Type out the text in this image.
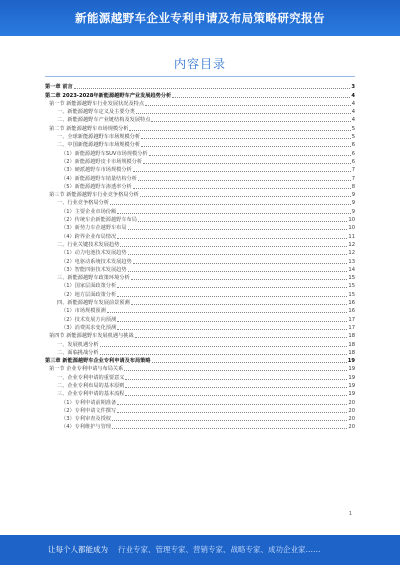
新能源越野车企业专利申请及布局策略研究报告
内容目录
第一章 前言	3
第二章 2023-2028年新能源越野车产业发展趋势分析	4
第一节 新能源越野车行业发展状况及特点	4
一、新能源越野车定义及主要分类	4
二、新能源越野车产业链结构及发展特点	4
第二节 新能源越野车市场规模分析	5
一、全球新能源越野车市场规模分析	5
二、中国新能源越野车市场规模分析	6
（1）新能源越野车SUV市场规模分析	6
（2）新能源越野皮卡市场规模分析	6
（3）硬派越野车市场规模分析	7
（4）新能源越野车销量结构分析	7
（5）新能源越野车渗透率分析	8
第三节 新能源越野车行业竞争格局分析	9
一、行业竞争格局分析	9
（1）主要企业市场份额	9
（2）传统车企新能源越野车布局	10
（3）新势力车企越野车布局	10
（4）跨界企业布局情况	11
二、行业关键技术发展趋势	12
（1）动力电池技术发展趋势	12
（2）电驱动系统技术发展趋势	13
（3）智能四驱技术发展趋势	14
三、新能源越野车政策环境分析	15
（1）国家层面政策分析	15
（2）地方层面政策分析	15
四、新能源越野车发展前景预测	16
（1）市场规模预测	16
（2）技术发展方向预测	17
（3）消费需求变化预测	17
第四节 新能源越野车发展机遇与挑战	18
一、发展机遇分析	18
二、面临挑战分析	18
第三章 新能源越野车企业专利申请及布局策略	19
第一节 企业专利申请与布局关系	19
一、企业专利申请的重要意义	19
二、企业专利布局的基本原则	19
三、企业专利申请的基本流程	19
（1）专利申请前期准备	20
（2）专利申请文件撰写	20
（3）专利审查及授权	20
（4）专利维护与管理	20
1
让每个人都能成为 行业专家、管理专家、营销专家、战略专家、成功企业家……
